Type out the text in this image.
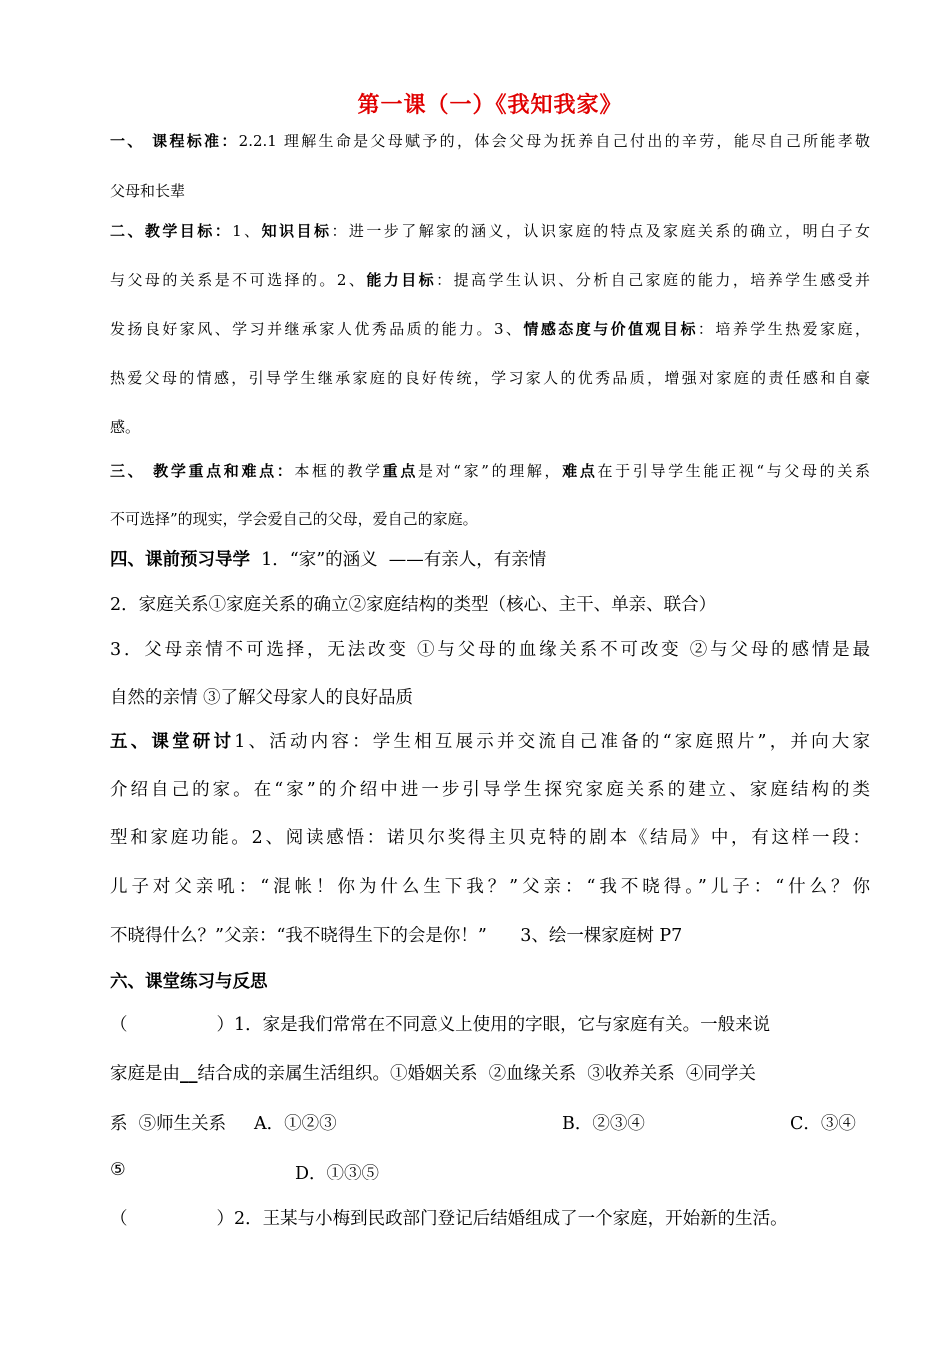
第一课（一）《我知我家》
一、 课程标准：2.2.1 理解生命是父母赋予的，体会父母为抚养自己付出的辛劳，能尽自己所能孝敬
父母和长辈
二、教学目标：1、知识目标：进一步了解家的涵义，认识家庭的特点及家庭关系的确立，明白子女
与父母的关系是不可选择的。2、能力目标：提高学生认识、分析自己家庭的能力，培养学生感受并
发扬良好家风、学习并继承家人优秀品质的能力。3、情感态度与价值观目标：培养学生热爱家庭，
热爱父母的情感，引导学生继承家庭的良好传统，学习家人的优秀品质，增强对家庭的责任感和自豪
感。
三、 教学重点和难点：本框的教学重点是对“家”的理解，难点在于引导学生能正视“与父母的关系
不可选择”的现实，学会爱自己的父母，爱自己的家庭。
四、课前预习导学  1．“家”的涵义  ——有亲人，有亲情
2．家庭关系①家庭关系的确立②家庭结构的类型（核心、主干、单亲、联合）
3．父母亲情不可选择，无法改变 ①与父母的血缘关系不可改变 ②与父母的感情是最
自然的亲情 ③了解父母家人的良好品质
五、课堂研讨1、活动内容：学生相互展示并交流自己准备的“家庭照片”，并向大家
介绍自己的家。在“家”的介绍中进一步引导学生探究家庭关系的建立、家庭结构的类
型和家庭功能。2、阅读感悟：诺贝尔奖得主贝克特的剧本《结局》中，有这样一段：
儿子对父亲吼：“混帐！你为什么生下我？”父亲：“我不晓得。”儿子：“什么？你
不晓得什么？”父亲：“我不晓得生下的会是你！”      3、绘一棵家庭树 P7
六、课堂练习与反思
（                ）1．家是我们常常在不同意义上使用的字眼，它与家庭有关。一般来说
家庭是由__结合成的亲属生活组织。①婚姻关系  ②血缘关系  ③收养关系  ④同学关
系  ⑤师生关系     A．①②③	B．②③④	C．③④
⑤	D．①③⑤
（                ）2．王某与小梅到民政部门登记后结婚组成了一个家庭，开始新的生活。
